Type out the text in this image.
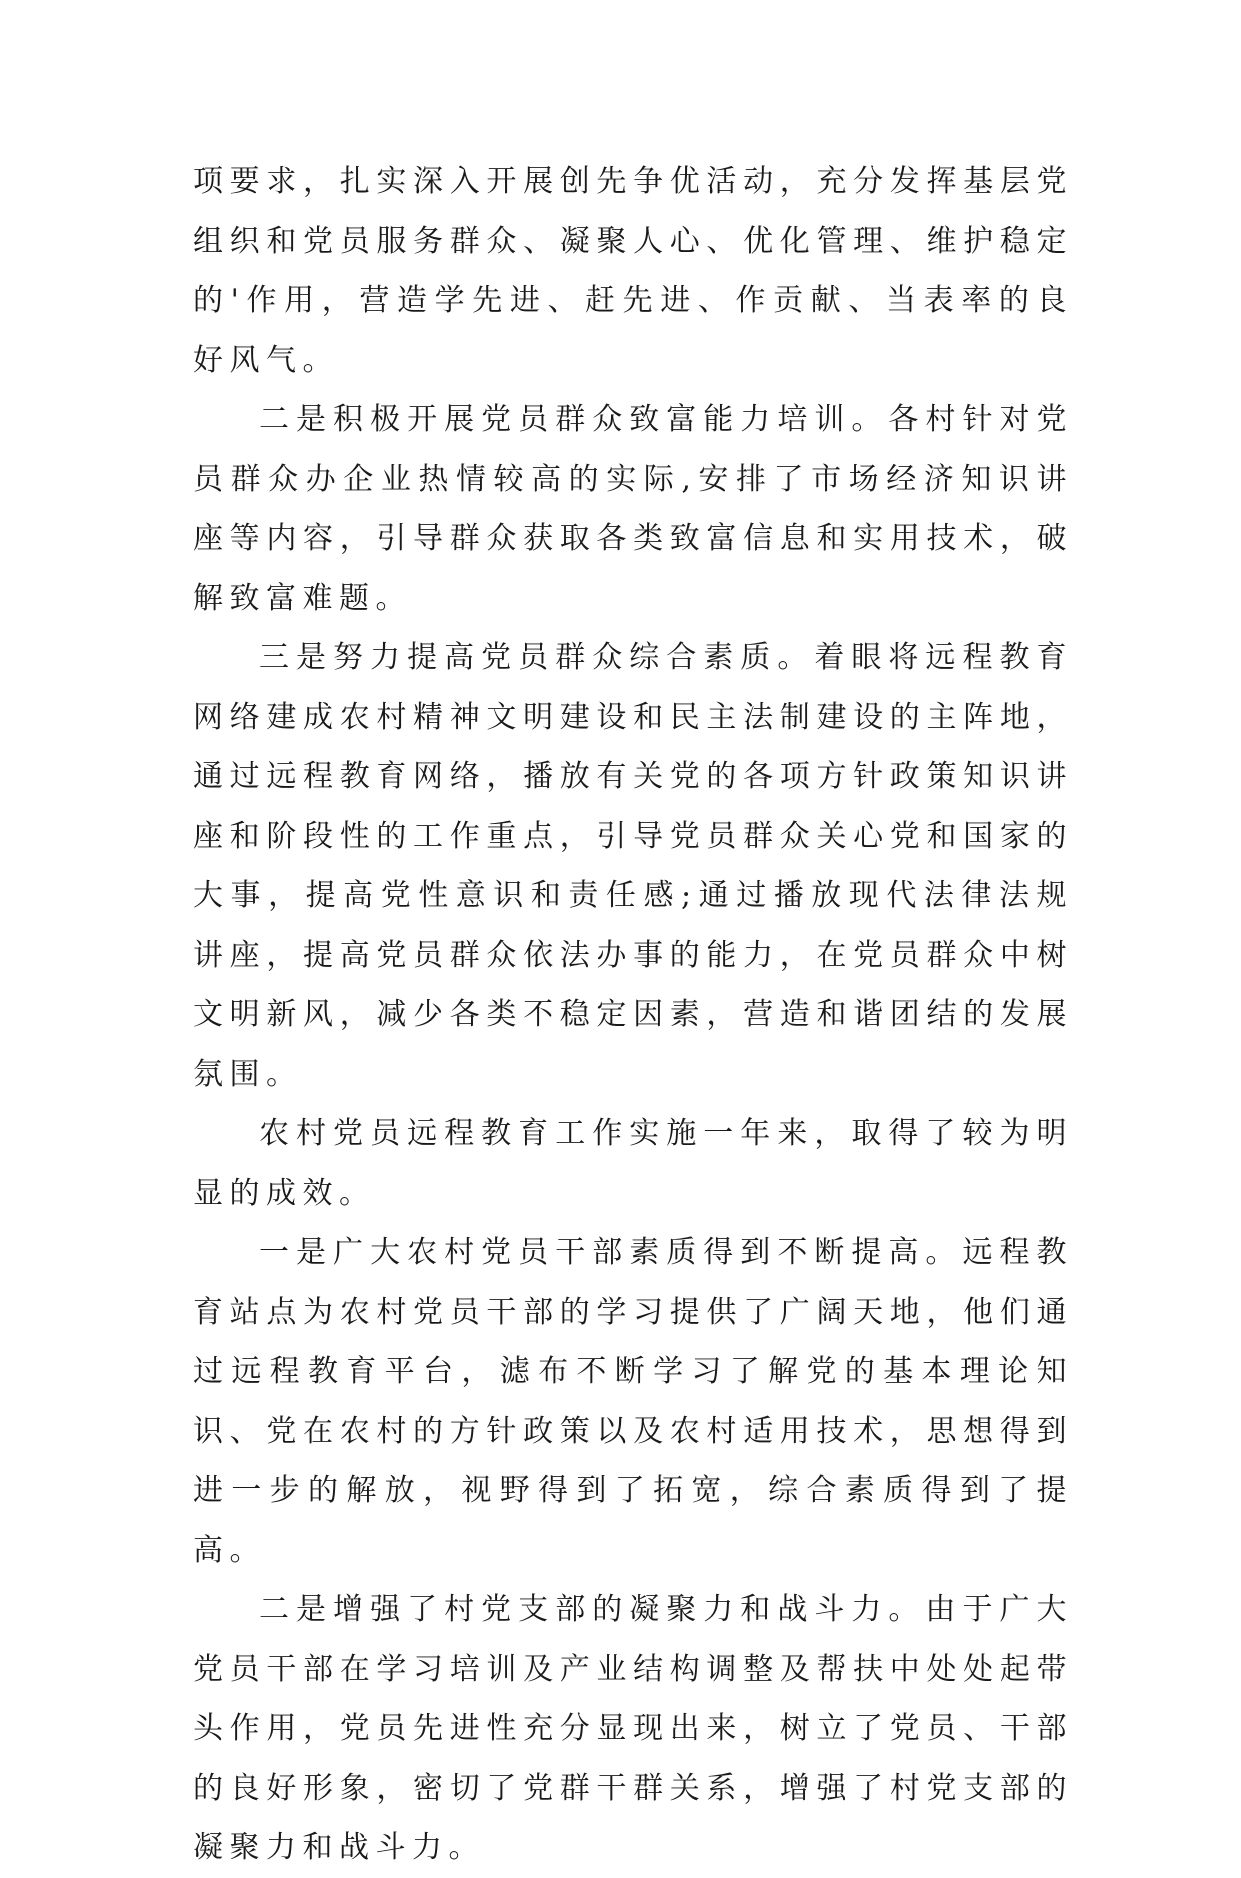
项要求，扎实深入开展创先争优活动，充分发挥基层党组织和党员服务群众、凝聚人心、优化管理、维护稳定的'作用，营造学先进、赶先进、作贡献、当表率的良好风气。

二是积极开展党员群众致富能力培训。各村针对党员群众办企业热情较高的实际,安排了市场经济知识讲座等内容，引导群众获取各类致富信息和实用技术，破解致富难题。

三是努力提高党员群众综合素质。着眼将远程教育网络建成农村精神文明建设和民主法制建设的主阵地，通过远程教育网络，播放有关党的各项方针政策知识讲座和阶段性的工作重点，引导党员群众关心党和国家的大事，提高党性意识和责任感;通过播放现代法律法规讲座，提高党员群众依法办事的能力，在党员群众中树文明新风，减少各类不稳定因素，营造和谐团结的发展氛围。

农村党员远程教育工作实施一年来，取得了较为明显的成效。

一是广大农村党员干部素质得到不断提高。远程教育站点为农村党员干部的学习提供了广阔天地，他们通过远程教育平台，滤布不断学习了解党的基本理论知识、党在农村的方针政策以及农村适用技术，思想得到进一步的解放，视野得到了拓宽，综合素质得到了提高。

二是增强了村党支部的凝聚力和战斗力。由于广大党员干部在学习培训及产业结构调整及帮扶中处处起带头作用，党员先进性充分显现出来，树立了党员、干部的良好形象，密切了党群干群关系，增强了村党支部的凝聚力和战斗力。
